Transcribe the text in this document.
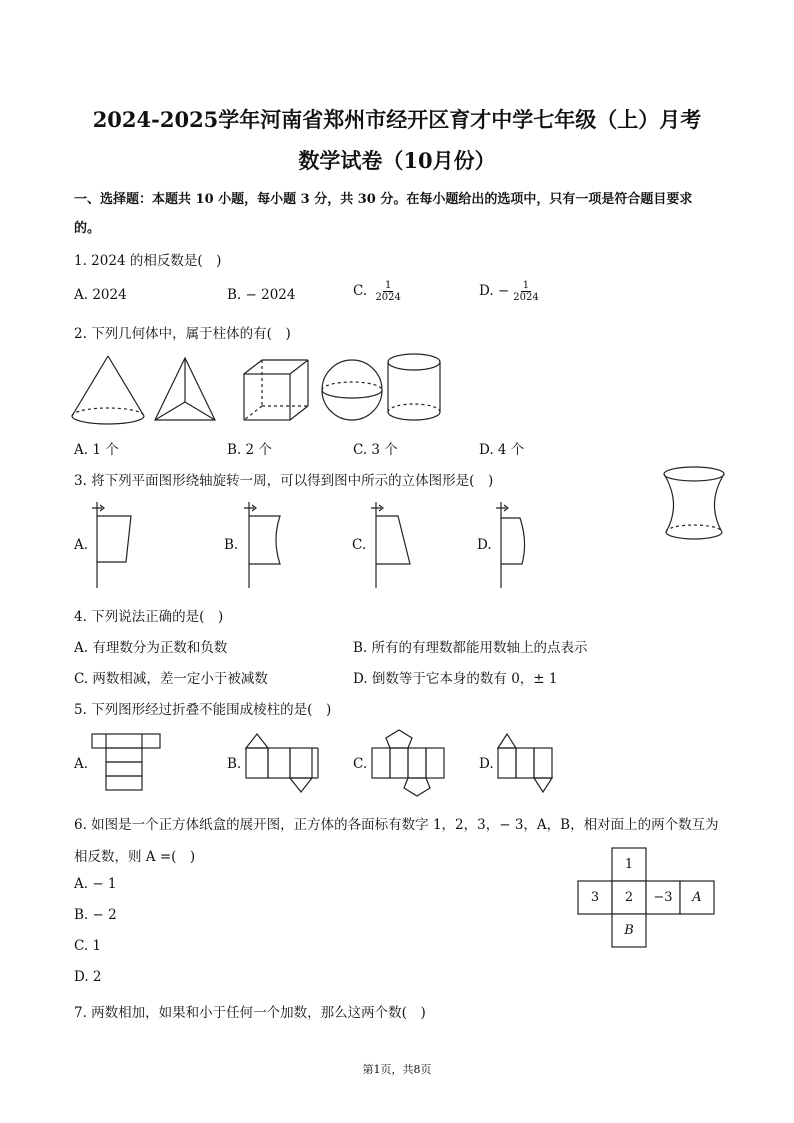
2024-2025学年河南省郑州市经开区育才中学七年级（上）月考
数学试卷（10月份）
一、选择题：本题共 10 小题，每小题 3 分，共 30 分。在每小题给出的选项中，只有一项是符合题目要求
的。
1. 2024 的相反数是(　)
A. 2024	B. − 2024	C. $\frac{1}{2024}$	D. − $\frac{1}{2024}$
2. 下列几何体中，属于柱体的有(　)
A. 1 个	B. 2 个	C. 3 个	D. 4 个
3. 将下列平面图形绕轴旋转一周，可以得到图中所示的立体图形是(　)
A.	B.	C.	D.
4. 下列说法正确的是(　)
A. 有理数分为正数和负数	B. 所有的有理数都能用数轴上的点表示
C. 两数相减，差一定小于被减数	D. 倒数等于它本身的数有 0，± 1
5. 下列图形经过折叠不能围成棱柱的是(　)
A.	B.	C.	D.
6. 如图是一个正方体纸盒的展开图，正方体的各面标有数字 1，2，3，− 3，A，B，相对面上的两个数互为
相反数，则 A =(　)
A. − 1
B. − 2
C. 1
D. 2
1
3	2	−3	A
B
7. 两数相加，如果和小于任何一个加数，那么这两个数(　)
第1页，共8页
